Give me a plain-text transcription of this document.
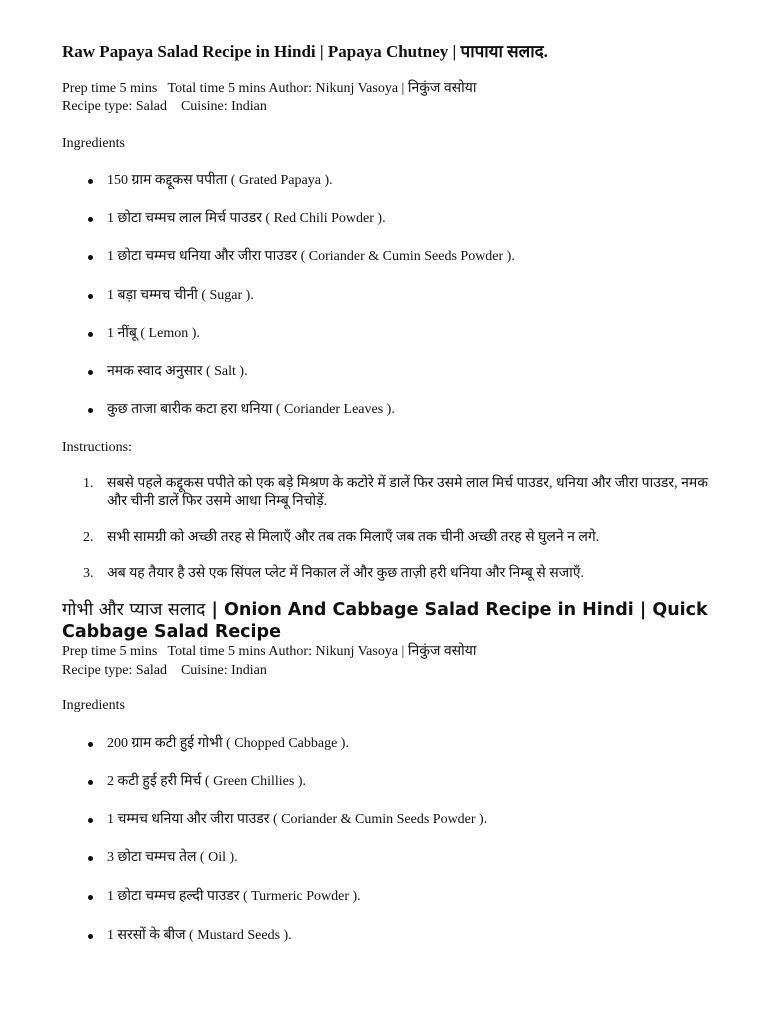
Raw Papaya Salad Recipe in Hindi | Papaya Chutney | पापाया सलाद.
Prep time 5 mins   Total time 5 mins Author: Nikunj Vasoya | निकुंज वसोया
Recipe type: Salad    Cuisine: Indian
Ingredients
150 ग्राम कद्दूकस पपीता ( Grated Papaya ).
1 छोटा चम्मच लाल मिर्च पाउडर ( Red Chili Powder ).
1 छोटा चम्मच धनिया और जीरा पाउडर ( Coriander & Cumin Seeds Powder ).
1 बड़ा चम्मच चीनी ( Sugar ).
1 नींबू ( Lemon ).
नमक स्वाद अनुसार ( Salt ).
कुछ ताजा बारीक कटा हरा धनिया ( Coriander Leaves ).
Instructions:
1. सबसे पहले कद्दूकस पपीते को एक बड़े मिश्रण के कटोरे में डालें फिर उसमे लाल मिर्च पाउडर, धनिया और जीरा पाउडर, नमक और चीनी डालें फिर उसमे आधा निम्बू निचोड़ें.
2. सभी सामग्री को अच्छी तरह से मिलाएँ और तब तक मिलाएँ जब तक चीनी अच्छी तरह से घुलने न लगे.
3. अब यह तैयार है उसे एक सिंपल प्लेट में निकाल लें और कुछ ताज़ी हरी धनिया और निम्बू से सजाएँ.
गोभी और प्याज सलाद | Onion And Cabbage Salad Recipe in Hindi | Quick Cabbage Salad Recipe
Prep time 5 mins   Total time 5 mins Author: Nikunj Vasoya | निकुंज वसोया
Recipe type: Salad    Cuisine: Indian
Ingredients
200 ग्राम कटी हुई गोभी ( Chopped Cabbage ).
2 कटी हुई हरी मिर्च ( Green Chillies ).
1 चम्मच धनिया और जीरा पाउडर ( Coriander & Cumin Seeds Powder ).
3 छोटा चम्मच तेल ( Oil ).
1 छोटा चम्मच हल्दी पाउडर ( Turmeric Powder ).
1 सरसों के बीज ( Mustard Seeds ).
